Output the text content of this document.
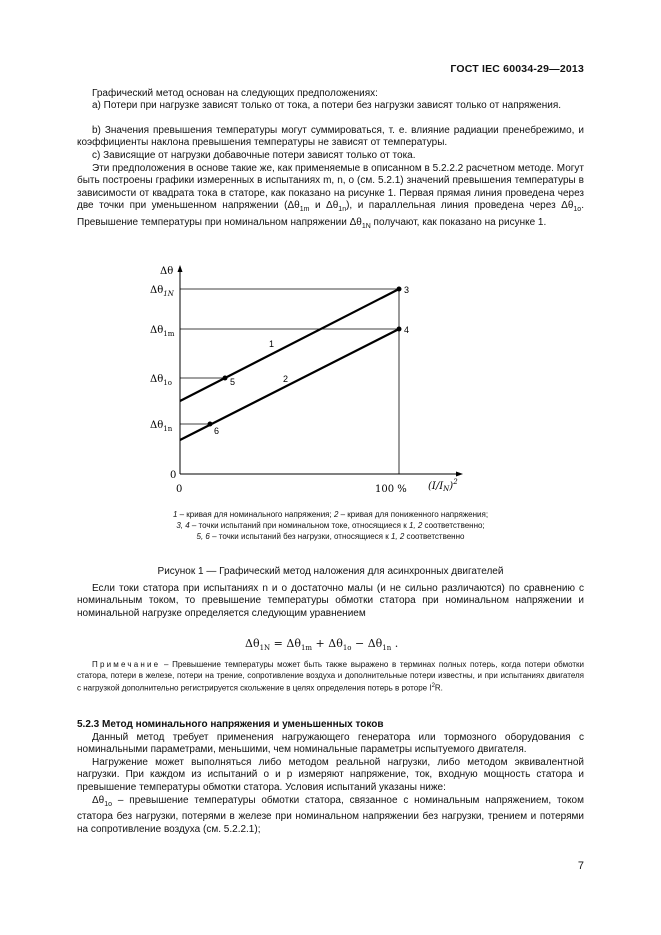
ГОСТ IEC 60034-29—2013

Графический метод основан на следующих предположениях:

a) Потери при нагрузке зависят только от тока, а потери без нагрузки зависят только от напряжения.

b) Значения превышения температуры могут суммироваться, т. е. влияние радиации пренебрежимо, и коэффициенты наклона превышения температуры не зависят от температуры.

c) Зависящие от нагрузки добавочные потери зависят только от тока.

Эти предположения в основе такие же, как применяемые в описанном в 5.2.2.2 расчетном методе. Могут быть построены графики измеренных в испытаниях m, n, o (см. 5.2.1) значений превышения температуры в зависимости от квадрата тока в статоре, как показано на рисунке 1. Первая прямая линия проведена через две точки при уменьшенном напряжении ($\Delta\theta_{1m}$ и $\Delta\theta_{1n}$), и параллельная линия проведена через $\Delta\theta_{1o}$. Превышение температуры при номинальном напряжении $\Delta\theta_{1N}$ получают, как показано на рисунке 1.

Δθ
$\Delta\theta_{1N}$
$\Delta\theta_{1m}$
$\Delta\theta_{1o}$
$\Delta\theta_{1n}$
0
0	100 % $(I/I_N)^2$
1
2
3
4
5
6

1 – кривая для номинального напряжения; 2 – кривая для пониженного напряжения;

3, 4 – точки испытаний при номинальном токе, относящиеся к 1, 2 соответственно;

5, 6 – точки испытаний без нагрузки, относящиеся к 1, 2 соответственно

Рисунок 1 — Графический метод наложения для асинхронных двигателей

Если токи статора при испытаниях n и o достаточно малы (и не сильно различаются) по сравнению с номинальным током, то превышение температуры обмотки статора при номинальном напряжении и номинальной нагрузке определяется следующим уравнением

$\Delta\theta_{1N} = \Delta\theta_{1m} + \Delta\theta_{1o} - \Delta\theta_{1n}$ .

Примечание – Превышение температуры может быть также выражено в терминах полных потерь, когда потери обмотки статора, потери в железе, потери на трение, сопротивление воздуха и дополнительные потери известны, и при испытаниях двигателя с нагрузкой дополнительно регистрируется скольжение в целях определения потерь в роторе $I^2R$.

5.2.3 Метод номинального напряжения и уменьшенных токов

Данный метод требует применения нагружающего генератора или тормозного оборудования с номинальными параметрами, меньшими, чем номинальные параметры испытуемого двигателя.

Нагружение может выполняться либо методом реальной нагрузки, либо методом эквивалентной нагрузки. При каждом из испытаний o и p измеряют напряжение, ток, входную мощность статора и превышение температуры обмотки статора. Условия испытаний указаны ниже:

$\Delta\theta_{1o}$ – превышение температуры обмотки статора, связанное с номинальным напряжением, током статора без нагрузки, потерями в железе при номинальном напряжении без нагрузки, трением и потерями на сопротивление воздуха (см. 5.2.2.1);

7
